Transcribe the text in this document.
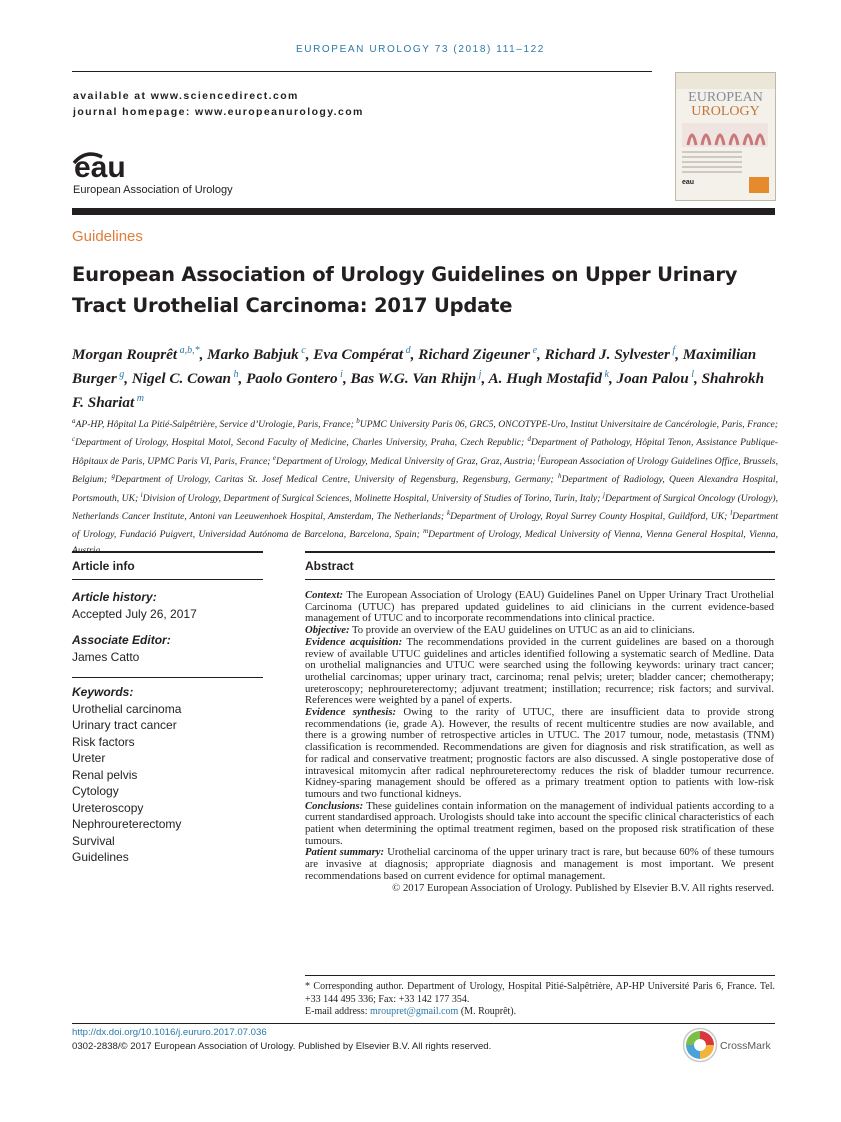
EUROPEAN UROLOGY 73 (2018) 111–122
available at www.sciencedirect.com
journal homepage: www.europeanurology.com
eau
European Association of Urology
EUROPEAN
UROLOGY
eau
Guidelines
European Association of Urology Guidelines on Upper Urinary Tract Urothelial Carcinoma: 2017 Update
Morgan Rouprêt $^{a,b,*}$, Marko Babjuk $^c$, Eva Compérat $^d$, Richard Zigeuner $^e$, Richard J. Sylvester $^f$, Maximilian Burger $^g$, Nigel C. Cowan $^h$, Paolo Gontero $^i$, Bas W.G. Van Rhijn $^j$, A. Hugh Mostafid $^k$, Joan Palou $^l$, Shahrokh F. Shariat $^m$
$^a$AP-HP, Hôpital La Pitié-Salpêtrière, Service d’Urologie, Paris, France; $^b$UPMC University Paris 06, GRC5, ONCOTYPE-Uro, Institut Universitaire de Cancérologie, Paris, France; $^c$Department of Urology, Hospital Motol, Second Faculty of Medicine, Charles University, Praha, Czech Republic; $^d$Department of Pathology, Hôpital Tenon, Assistance Publique-Hôpitaux de Paris, UPMC Paris VI, Paris, France; $^e$Department of Urology, Medical University of Graz, Graz, Austria; $^f$European Association of Urology Guidelines Office, Brussels, Belgium; $^g$Department of Urology, Caritas St. Josef Medical Centre, University of Regensburg, Regensburg, Germany; $^h$Department of Radiology, Queen Alexandra Hospital, Portsmouth, UK; $^i$Division of Urology, Department of Surgical Sciences, Molinette Hospital, University of Studies of Torino, Turin, Italy; $^j$Department of Surgical Oncology (Urology), Netherlands Cancer Institute, Antoni van Leeuwenhoek Hospital, Amsterdam, The Netherlands; $^k$Department of Urology, Royal Surrey County Hospital, Guildford, UK; $^l$Department of Urology, Fundació Puigvert, Universidad Autónoma de Barcelona, Barcelona, Spain; $^m$Department of Urology, Medical University of Vienna, Vienna General Hospital, Vienna,
Article info	Abstract
Article history:
Accepted July 26, 2017
Associate Editor:
James Catto
Keywords:
Urothelial carcinoma
Urinary tract cancer
Risk factors
Ureter
Renal pelvis
Cytology
Ureteroscopy
Nephroureterectomy
Survival
Guidelines

Context: The European Association of Urology (EAU) Guidelines Panel on Upper Urinary Tract Urothelial Carcinoma (UTUC) has prepared updated guidelines to aid clinicians in the current evidence-based management of UTUC and to incorporate recommendations into clinical practice.

Objective: To provide an overview of the EAU guidelines on UTUC as an aid to clinicians.

Evidence acquisition: The recommendations provided in the current guidelines are based on a thorough review of available UTUC guidelines and articles identified following a systematic search of Medline. Data on urothelial malignancies and UTUC were searched using the following keywords: urinary tract cancer; urothelial carcinomas; upper urinary tract, carcinoma; renal pelvis; ureter; bladder cancer; chemotherapy; ureteroscopy; nephroureterectomy; adjuvant treatment; instillation; recurrence; risk factors; and survival. References were weighted by a panel of experts.

Evidence synthesis: Owing to the rarity of UTUC, there are insufficient data to provide strong recommendations (ie, grade A). However, the results of recent multicentre studies are now available, and there is a growing number of retrospective articles in UTUC. The 2017 tumour, node, metastasis (TNM) classification is recommended. Recommendations are given for diagnosis and risk stratification, as well as for radical and conservative treatment; prognostic factors are also discussed. A single postoperative dose of intravesical mitomycin after radical nephroureterectomy reduces the risk of bladder tumour recurrence. Kidney-sparing management should be offered as a primary treatment option to patients with low-risk tumours and two functional kidneys.

Conclusions: These guidelines contain information on the management of individual patients according to a current standardised approach. Urologists should take into account the specific clinical characteristics of each patient when determining the optimal treatment regimen, based on the proposed risk stratification of these tumours.

Patient summary: Urothelial carcinoma of the upper urinary tract is rare, but because 60% of these tumours are invasive at diagnosis; appropriate diagnosis and management is most important. We present recommendations based on current evidence for optimal management.

© 2017 European Association of Urology. Published by Elsevier B.V. All rights reserved.

* Corresponding author. Department of Urology, Hospital Pitié-Salpêtrière, AP-HP Université Paris 6, France. Tel. +33 144 495 336; Fax: +33 142 177 354.
E-mail address: mroupret@gmail.com (M. Rouprêt).
http://dx.doi.org/10.1016/j.eururo.2017.07.036
0302-2838/© 2017 European Association of Urology. Published by Elsevier B.V. All rights reserved.	CrossMark
